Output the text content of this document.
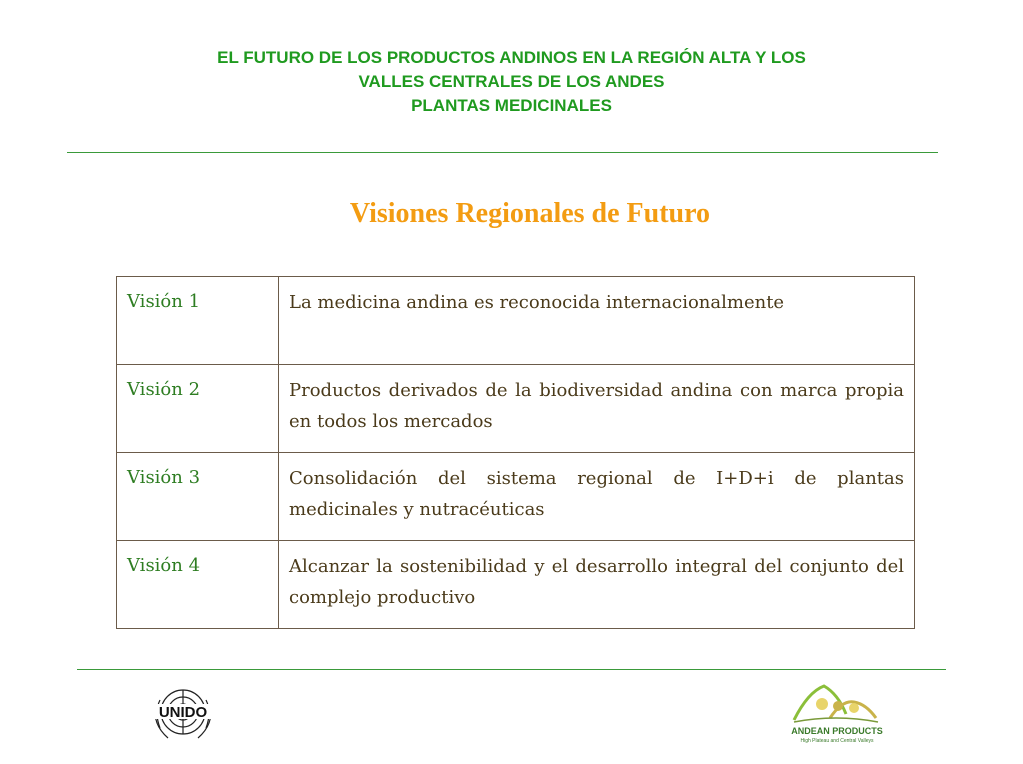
EL FUTURO DE LOS PRODUCTOS ANDINOS EN LA REGIÓN ALTA Y LOS
VALLES CENTRALES DE LOS ANDES
PLANTAS MEDICINALES
Visiones Regionales de Futuro
Visión 1	La medicina andina es reconocida internacionalmente
Visión 2	Productos derivados de la biodiversidad andina con marca propia en todos los mercados
Visión 3	Consolidación del sistema regional de I+D+i de plantas medicinales y nutracéuticas
Visión 4	Alcanzar la sostenibilidad y el desarrollo integral del conjunto del complejo productivo
UNIDO
ANDEAN PRODUCTS
High Plateau and Central Valleys
